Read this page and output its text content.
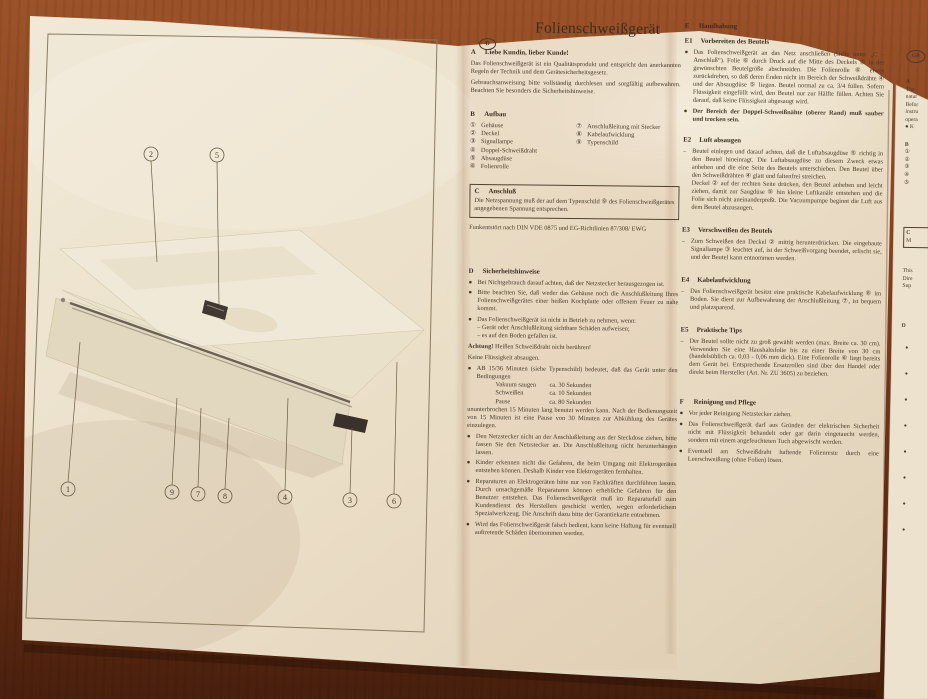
2	5
1	9	7	8	4	3	6
D
Folienschweißgerät
A	Liebe Kundin, lieber Kunde!

Das Folienschweißgerät ist ein Qualitätsprodukt und entspricht den anerkannten Regeln der Technik und dem Gerätesicherheitsgesetz.

Gebrauchsanweisung bitte vollständig durchlesen und sorgfältig aufbewahren. Beachten Sie besonders die Sicherheitshinweise.

B	Aufbau
① Gehäuse
② Deckel
③ Signallampe
④ Doppel-Schweißdraht
⑤ Absaugdüse
⑥ Folienrolle
⑦ Anschlußleitung mit Stecker
⑧ Kabelaufwicklung
⑨ Typenschild
C	Anschluß

Die Netzspannung muß der auf dem Typenschild ⑨ des Folienschweißgerätes angegebenen Spannung entsprechen.

Funkentstört nach DIN VDE 0875 und EG-Richtlinien 87/308/ EWG

D	Sicherheitshinweise
● Bei Nichtgebrauch darauf achten, daß der Netzstecker herausgezogen ist.

● Bitte beachten Sie, daß weder das Gehäuse noch die Anschlußleitung Ihres Folienschweißgerätes einer heißen Kochplatte oder offenem Feuer zu nahe kommt.

● Das Folienschweißgerät ist nicht in Betrieb zu nehmen, wenn:

– Gerät oder Anschlußleitung sichtbare Schäden aufweisen;

– es auf den Boden gefallen ist.

Achtung! Heißen Schweißdraht nicht berühren!

Keine Flüssigkeit absaugen.

● AB 15/36 Minuten (siehe Typenschild) bedeutet, daß das Gerät unter den Bedingungen

Vakuum saugen	ca. 30 Sekunden
Schweißen	ca. 10 Sekunden
Pause	ca. 80 Sekunden

ununterbrochen 15 Minuten lang benutzt werden kann. Nach der Bedienungszeit von 15 Minuten ist eine Pause von 30 Minuten zur Abkühlung des Gerätes einzulegen.

● Den Netzstecker nicht an der Anschlußleitung aus der Steckdose ziehen, bitte fassen Sie den Netzstecker an. Die Anschlußleitung nicht herunterhängen lassen.

● Kinder erkennen nicht die Gefahren, die beim Umgang mit Elektrogeräten entstehen können. Deshalb Kinder von Elektrogeräten fernhalten.

● Reparaturen an Elektrogeräten bitte nur von Fachkräften durchführen lassen. Durch unsachgemäße Reparaturen können erhebliche Gefahren für den Benutzer entstehen. Das Folienschweißgerät muß im Reparaturfall zum Kundendienst des Herstellers geschickt werden, wegen erforderlichem Spezialwerkzeug. Die Anschrift dazu bitte der Garantiekarte entnehmen.

● Wird das Folienschweißgerät falsch bedient, kann keine Haftung für eventuell auftretende Schäden übernommen werden.

E	Handhabung
E1	Vorbereiten des Beutels
● Das Folienschweißgerät an das Netz anschließen (siehe unter „C – Anschluß“). Folie ⑥ durch Druck auf die Mitte des Deckels ② in der gewünschten Beutelgröße abschneiden. Die Folienrolle ⑥ etwas zurückdrehen, so daß deren Enden nicht im Bereich der Schweißdrähte ④ und der Absaugdüse ⑤ liegen. Beutel normal zu ca. 3/4 füllen. Sofern Flüssigkeit eingefüllt wird, den Beutel nur zur Hälfte füllen. Achten Sie darauf, daß keine Flüssigkeit abgesaugt wird.

● Der Bereich der Doppel-Schweißnähte (oberer Rand) muß sauber und trocken sein.

E2	Luft absaugen
– Beutel einlegen und darauf achten, daß die Luftabsaugdüse ⑤ richtig in den Beutel hineinragt. Die Luftabsaugdüse zu diesem Zweck etwas anheben und die eine Seite des Beutels unterschieben. Den Beutel über den Schweißdrähten ④ glatt und faltenfrei streichen.

Deckel ② auf der rechten Seite drücken, den Beutel anheben und leicht ziehen, damit zur Saugdüse ⑤ hin kleine Luftkanäle entstehen und die Folie sich nicht aneinanderpreßt. Die Vacuumpumpe beginnt die Luft aus dem Beutel abzusaugen.

E3	Verschweißen des Beutels
– Zum Schweißen den Deckel ② mittig herunterdrücken. Die eingebaute Signallampe ③ leuchtet auf, ist der Schweißvorgang beendet, erlischt sie, und der Beutel kann entnommen werden.

E4	Kabelaufwicklung
– Das Folienschweißgerät besitzt eine praktische Kabelaufwicklung ⑧ im Boden. Sie dient zur Aufbewahrung der Anschlußleitung ⑦, ist bequem und platzsparend.

E5	Praktische Tips
– Der Beutel sollte nicht zu groß gewählt werden (max. Breite ca. 30 cm). Verwenden Sie eine Haushaltsfolie bis zu einer Breite von 30 cm (handelsüblich ca. 0,03 - 0,06 mm dick). Eine Folienrolle ⑥ liegt bereits dem Gerät bei. Entsprechende Ersatzrollen sind über den Handel oder direkt beim Hersteller (Art. Nr. ZU 3605) zu beziehen.

F	Reinigung und Pflege
● Vor jeder Reinigung Netzstecker ziehen.

● Das Folienschweißgerät darf aus Gründen der elektrischen Sicherheit nicht mit Flüssigkeit behandelt oder gar darin eingetaucht werden, sondern mit einem angefeuchteten Tuch abgewischt werden.

● Eventuell am Schweißdraht haftende Folienreste durch eine Leerschweißung (ohne Folien) lösen.

GB
A
The
natur
Befor
instru
opera
● K
B
①
②
③
④
⑤
C
M
This
Dire
Sup
D
● ● ● ● ● ● ● ●
